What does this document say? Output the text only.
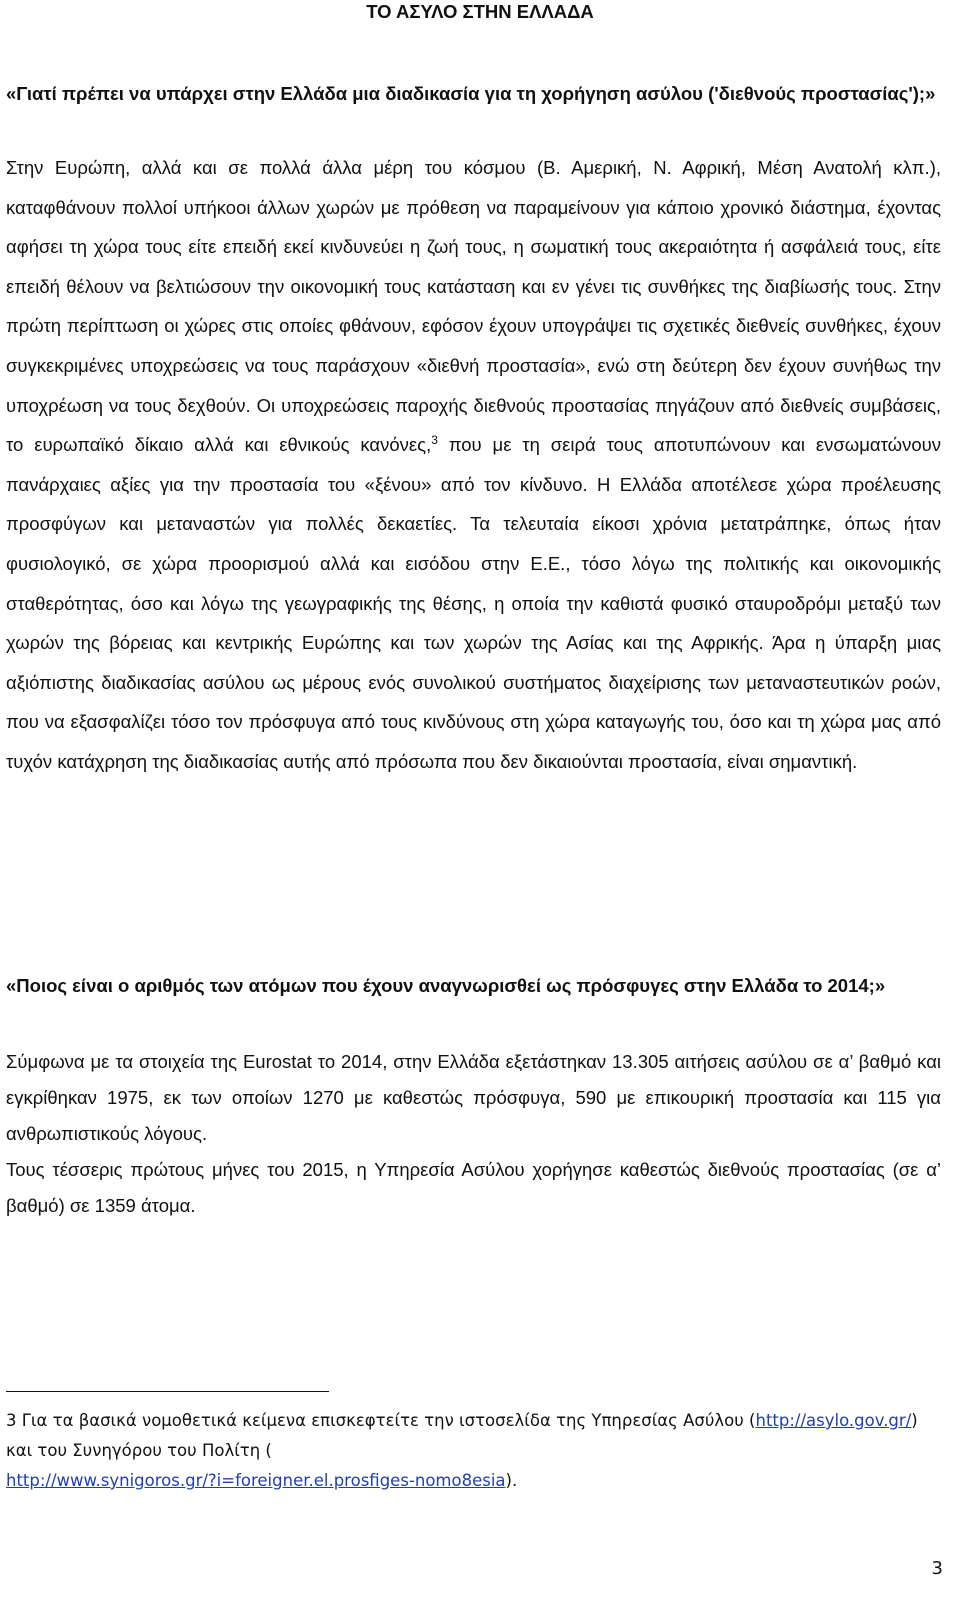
ΤΟ ΑΣΥΛΟ ΣΤΗΝ ΕΛΛΑΔΑ
«Γιατί πρέπει να υπάρχει στην Ελλάδα μια διαδικασία για τη χορήγηση ασύλου ('διεθνούς προστασίας');»
Στην Ευρώπη, αλλά και σε πολλά άλλα μέρη του κόσμου (Β. Αμερική, Ν. Αφρική, Μέση Ανατολή κλπ.), καταφθάνουν πολλοί υπήκοοι άλλων χωρών με πρόθεση να παραμείνουν για κάποιο χρονικό διάστημα, έχοντας αφήσει τη χώρα τους είτε επειδή εκεί κινδυνεύει η ζωή τους, η σωματική τους ακεραιότητα ή ασφάλειά τους, είτε επειδή θέλουν να βελτιώσουν την οικονομική τους κατάσταση και εν γένει τις συνθήκες της διαβίωσής τους. Στην πρώτη περίπτωση οι χώρες στις οποίες φθάνουν, εφόσον έχουν υπογράψει τις σχετικές διεθνείς συνθήκες, έχουν συγκεκριμένες υποχρεώσεις να τους παράσχουν «διεθνή προστασία», ενώ στη δεύτερη δεν έχουν συνήθως την υποχρέωση να τους δεχθούν. Οι υποχρεώσεις παροχής διεθνούς προστασίας πηγάζουν από διεθνείς συμβάσεις, το ευρωπαϊκό δίκαιο αλλά και εθνικούς κανόνες,$^3$ που με τη σειρά τους αποτυπώνουν και ενσωματώνουν πανάρχαιες αξίες για την προστασία του «ξένου» από τον κίνδυνο. Η Ελλάδα αποτέλεσε χώρα προέλευσης προσφύγων και μεταναστών για πολλές δεκαετίες. Τα τελευταία είκοσι χρόνια μετατράπηκε, όπως ήταν φυσιολογικό, σε χώρα προορισμού αλλά και εισόδου στην Ε.Ε., τόσο λόγω της πολιτικής και οικονομικής σταθερότητας, όσο και λόγω της γεωγραφικής της θέσης, η οποία την καθιστά φυσικό σταυροδρόμι μεταξύ των χωρών της βόρειας και κεντρικής Ευρώπης και των χωρών της Ασίας και της Αφρικής. Άρα η ύπαρξη μιας αξιόπιστης διαδικασίας ασύλου ως μέρους ενός συνολικού συστήματος διαχείρισης των μεταναστευτικών ροών, που να εξασφαλίζει τόσο τον πρόσφυγα από τους κινδύνους στη χώρα καταγωγής του, όσο και τη χώρα μας από τυχόν κατάχρηση της διαδικασίας αυτής από πρόσωπα που δεν δικαιούνται προστασία, είναι σημαντική.
«Ποιος είναι ο αριθμός των ατόμων που έχουν αναγνωρισθεί ως πρόσφυγες στην Ελλάδα το 2014;»
Σύμφωνα με τα στοιχεία της Eurostat το 2014, στην Ελλάδα εξετάστηκαν 13.305 αιτήσεις ασύλου σε α’ βαθμό και εγκρίθηκαν 1975, εκ των οποίων 1270 με καθεστώς πρόσφυγα, 590 με επικουρική προστασία και 115 για ανθρωπιστικούς λόγους.
Τους τέσσερις πρώτους μήνες του 2015, η Υπηρεσία Ασύλου χορήγησε καθεστώς διεθνούς προστασίας (σε α’ βαθμό) σε 1359 άτομα.
3 Για τα βασικά νομοθετικά κείμενα επισκεφτείτε την ιστοσελίδα της Υπηρεσίας Ασύλου (http://asylo.gov.gr/) και του Συνηγόρου του Πολίτη (
http://www.synigoros.gr/?i=foreigner.el.prosfiges-nomo8esia).
3
